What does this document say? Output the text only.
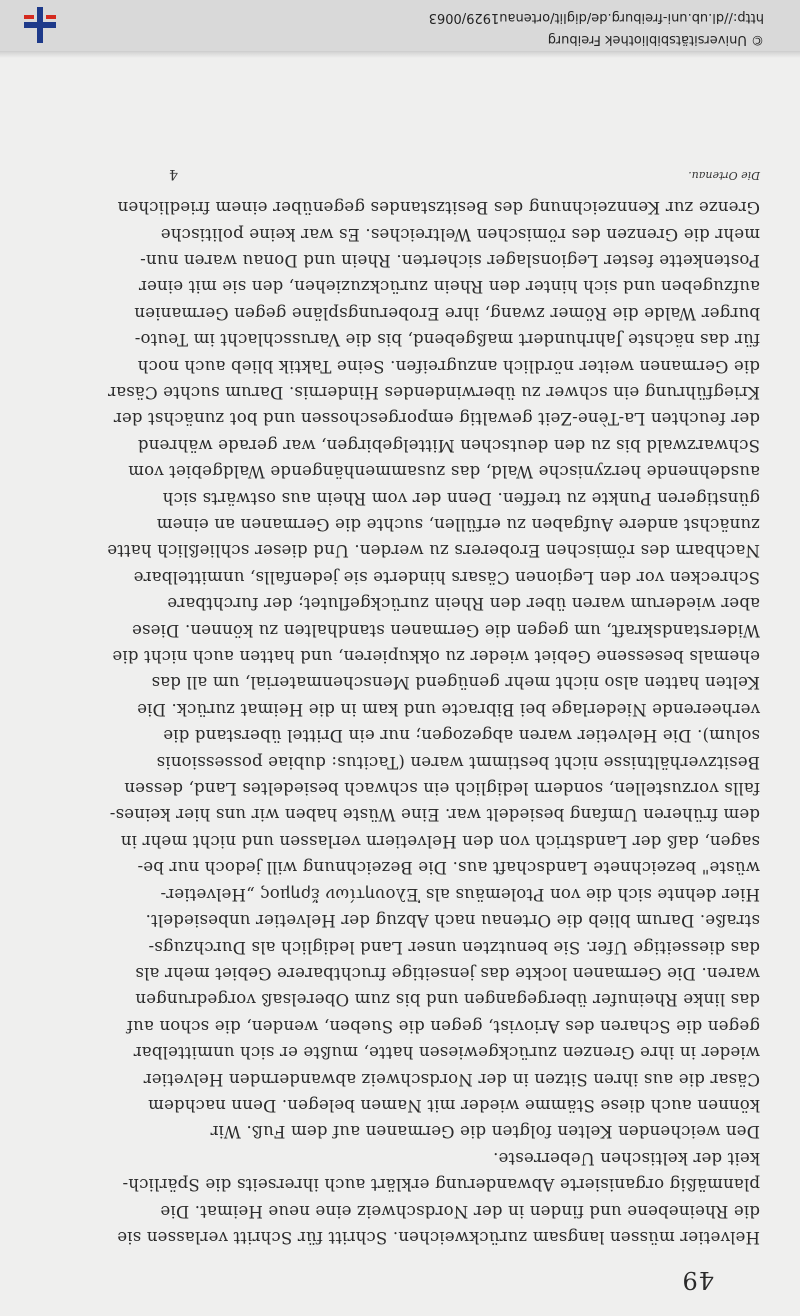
49
Helvetier müssen langsam zurückweichen. Schritt für Schritt verlassen sie
die Rheinebene und finden in der Nordschweiz eine neue Heimat. Die
planmäßig organisierte Abwanderung erklärt auch ihrerseits die Spärlich-
keit der keltischen Ueberreste.
Den weichenden Kelten folgten die Germanen auf dem Fuß. Wir
können auch diese Stämme wieder mit Namen belegen. Denn nachdem
Cäsar die aus ihren Sitzen in der Nordschweiz abwandernden Helvetier
wieder in ihre Grenzen zurückgewiesen hatte, mußte er sich unmittelbar
gegen die Scharen des Ariovist, gegen die Sueben, wenden, die schon auf
das linke Rheinufer übergegangen und bis zum Oberelsaß vorgedrungen
waren. Die Germanen lockte das jenseitige fruchtbarere Gebiet mehr als
das diesseitige Ufer. Sie benutzten unser Land lediglich als Durchzugs-
straße. Darum blieb die Ortenau nach Abzug der Helvetier unbesiedelt.
Hier dehnte sich die von Ptolemäus als Ἑλουητίων ἔρημος „Helvetier-
wüste" bezeichnete Landschaft aus. Die Bezeichnung will jedoch nur be-
sagen, daß der Landstrich von den Helvetiern verlassen und nicht mehr in
dem früheren Umfang besiedelt war. Eine Wüste haben wir uns hier keines-
falls vorzustellen, sondern lediglich ein schwach besiedeltes Land, dessen
Besitzverhältnisse nicht bestimmt waren (Tacitus: dubiae possessionis
solum). Die Helvetier waren abgezogen; nur ein Drittel überstand die
verheerende Niederlage bei Bibracte und kam in die Heimat zurück. Die
Kelten hatten also nicht mehr genügend Menschenmaterial, um all das
ehemals besessene Gebiet wieder zu okkupieren, und hatten auch nicht die
Widerstandskraft, um gegen die Germanen standhalten zu können. Diese
aber wiederum waren über den Rhein zurückgeflutet; der furchtbare
Schrecken vor den Legionen Cäsars hinderte sie jedenfalls, unmittelbare
Nachbarn des römischen Eroberers zu werden. Und dieser schließlich hatte
zunächst andere Aufgaben zu erfüllen, suchte die Germanen an einem
günstigeren Punkte zu treffen. Denn der vom Rhein aus ostwärts sich
ausdehnende herzynische Wald, das zusammenhängende Waldgebiet vom
Schwarzwald bis zu den deutschen Mittelgebirgen, war gerade während
der feuchten La-Tène-Zeit gewaltig emporgeschossen und bot zunächst der
Kriegführung ein schwer zu überwindendes Hindernis. Darum suchte Cäsar
die Germanen weiter nördlich anzugreifen. Seine Taktik blieb auch noch
für das nächste Jahrhundert maßgebend, bis die Varusschlacht im Teuto-
burger Walde die Römer zwang, ihre Eroberungspläne gegen Germanien
aufzugeben und sich hinter den Rhein zurückzuziehen, den sie mit einer
Postenkette fester Legionslager sicherten. Rhein und Donau waren nun-
mehr die Grenzen des römischen Weltreiches. Es war keine politische
Grenze zur Kennzeichnung des Besitzstandes gegenüber einem friedlichen
Die Ortenau.
4
© Universitätsbibliothek Freiburg
http://dl.ub.uni-freiburg.de/diglit/ortenau1929/0063
